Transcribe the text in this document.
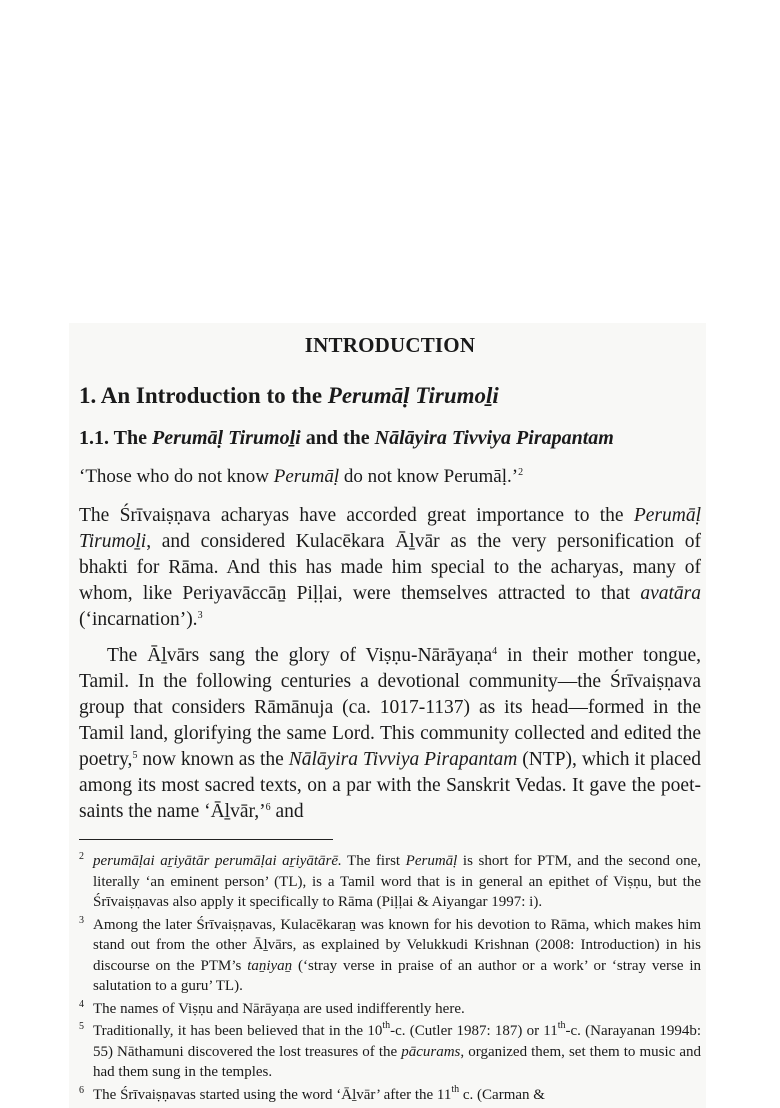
INTRODUCTION
1. An Introduction to the Perumāḷ Tirumoḻi
1.1. The Perumāḷ Tirumoḻi and the Nālāyira Tivviya Pirapantam

‘Those who do not know Perumāḷ do not know Perumāḷ.’$^2$

The Śrīvaiṣṇava acharyas have accorded great importance to the Perumāḷ Tirumoḻi, and considered Kulacēkara Āḻvār as the very personification of bhakti for Rāma. And this has made him special to the acharyas, many of whom, like Periyavāccāṉ Piḷḷai, were themselves attracted to that avatāra (‘incarnation’).$^3$

The Āḻvārs sang the glory of Viṣṇu-Nārāyaṇa$^4$ in their mother tongue, Tamil. In the following centuries a devotional community—the Śrīvaiṣṇava group that considers Rāmānuja (ca. 1017-1137) as its head—formed in the Tamil land, glorifying the same Lord. This community collected and edited the poetry,$^5$ now known as the Nālāyira Tivviya Pirapantam (NTP), which it placed among its most sacred texts, on a par with the Sanskrit Vedas. It gave the poet-saints the name ‘Āḻvār,’$^6$ and

2 perumāḷai aṟiyātār perumāḷai aṟiyātārē. The first Perumāḷ is short for PTM, and the second one, literally ‘an eminent person’ (TL), is a Tamil word that is in general an epithet of Viṣṇu, but the Śrīvaiṣṇavas also apply it specifically to Rāma (Piḷḷai & Aiyangar 1997: i).

3 Among the later Śrīvaiṣṇavas, Kulacēkaraṉ was known for his devotion to Rāma, which makes him stand out from the other Āḻvārs, as explained by Velukkudi Krishnan (2008: Introduction) in his discourse on the PTM’s taṉiyaṉ (‘stray verse in praise of an author or a work’ or ‘stray verse in salutation to a guru’ TL).

4 The names of Viṣṇu and Nārāyaṇa are used indifferently here.

5 Traditionally, it has been believed that in the 10th-c. (Cutler 1987: 187) or 11th-c. (Narayanan 1994b: 55) Nāthamuni discovered the lost treasures of the pācurams, organized them, set them to music and had them sung in the temples.

6 The Śrīvaiṣṇavas started using the word ‘Āḻvār’ after the 11th c. (Carman &
